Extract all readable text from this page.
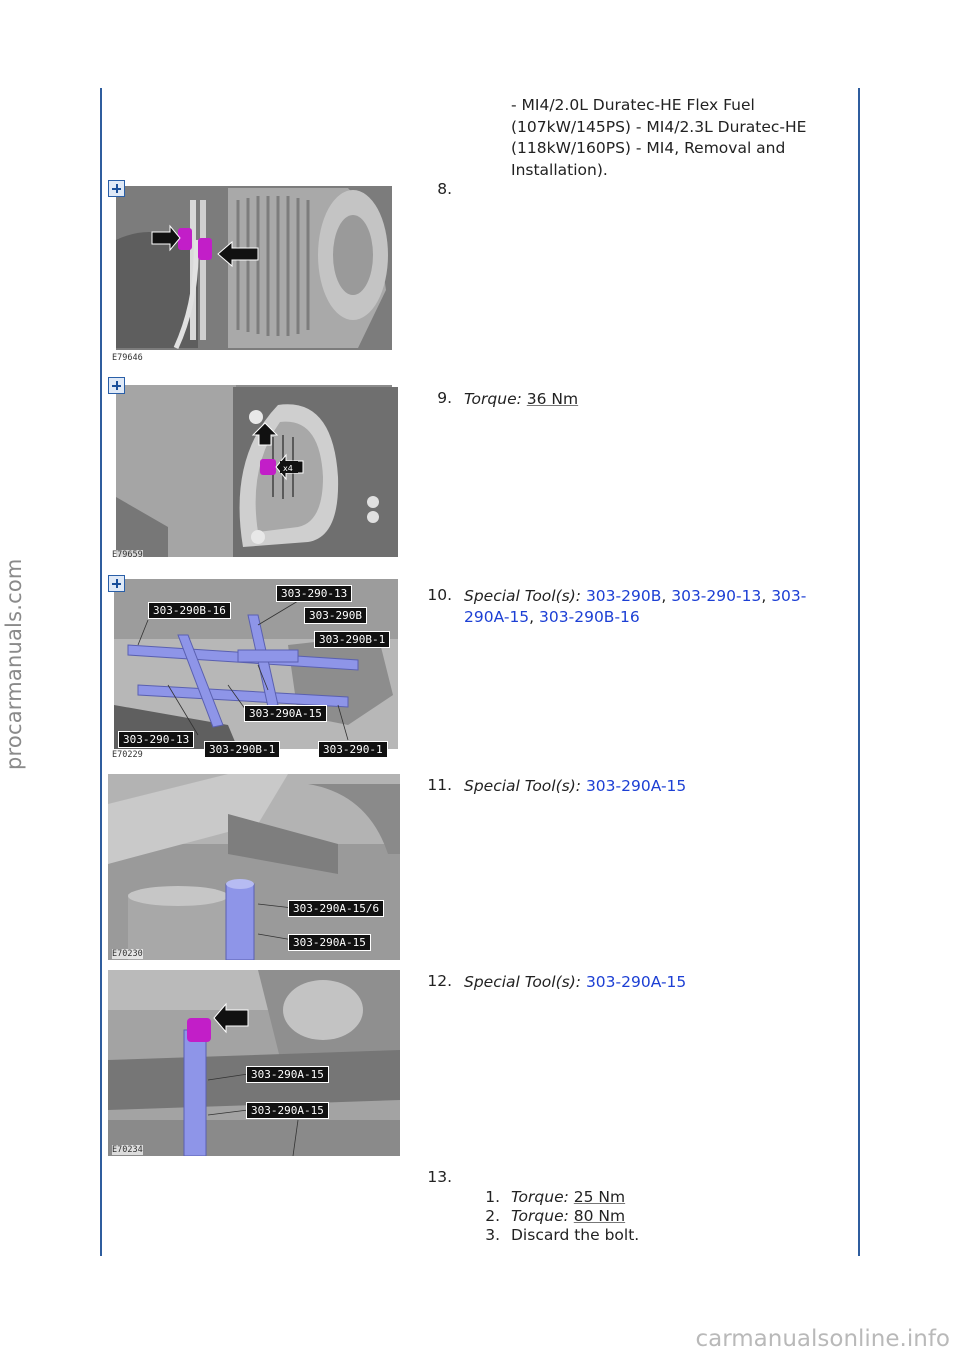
procarmanuals.com
carmanualsonline.info
- MI4/2.0L Duratec-HE Flex Fuel (107kW/145PS) - MI4/2.3L Duratec-HE (118kW/160PS) - MI4, Removal and Installation).
E79646
8.
x4
E79659
9. Torque: 36 Nm
303-290B-16
303-290-13
303-290B
303-290B-1
303-290A-15
303-290-13
303-290B-1	303-290-1
E70229
10. Special Tool(s): 303-290B, 303-290-13, 303-
290A-15, 303-290B-16
303-290A-15/6
303-290A-15
E70230
11. Special Tool(s): 303-290A-15
303-290A-15
303-290A-15
E70234
12. Special Tool(s): 303-290A-15
13.
1. Torque: 25 Nm
2. Torque: 80 Nm
3. Discard the bolt.
